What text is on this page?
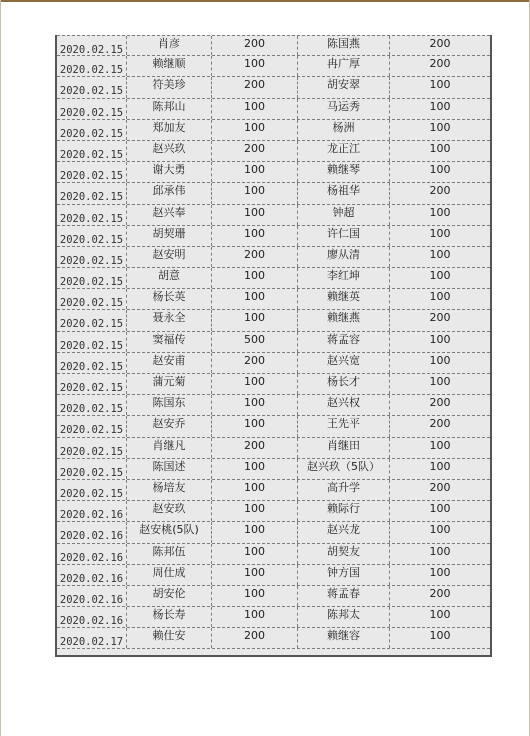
2020.02.15	肖彦	200	陈国燕	200
2020.02.15	赖继顺	100	冉广厚	200
2020.02.15	符美珍	200	胡安翠	100
2020.02.15	陈邦山	100	马运秀	100
2020.02.15	郑加友	100	杨洲	100
2020.02.15	赵兴玖	200	龙正江	100
2020.02.15	谢大勇	100	赖继琴	100
2020.02.15	邱承伟	100	杨祖华	200
2020.02.15	赵兴奉	100	钟超	100
2020.02.15	胡契珊	100	许仁国	100
2020.02.15	赵安明	200	廖从清	100
2020.02.15	胡意	100	李红坤	100
2020.02.15	杨长英	100	赖继英	100
2020.02.15	聂永全	100	赖继燕	200
2020.02.15	窦福传	500	蒋孟容	100
2020.02.15	赵安甫	200	赵兴宽	100
2020.02.15	蒲元菊	100	杨长才	100
2020.02.15	陈国东	100	赵兴权	200
2020.02.15	赵安乔	100	王先平	200
2020.02.15	肖继凡	200	肖继田	100
2020.02.15	陈国述	100	赵兴玖（5队）	100
2020.02.15	杨培友	100	高升学	200
2020.02.16	赵安玖	100	赖际行	100
2020.02.16	赵安桃(5队)	100	赵兴龙	100
2020.02.16	陈邦伍	100	胡契友	100
2020.02.16	周仕成	100	钟方国	100
2020.02.16	胡安伦	100	蒋孟春	200
2020.02.16	杨长寿	100	陈邦太	100
2020.02.17	赖仕安	200	赖继容	100
